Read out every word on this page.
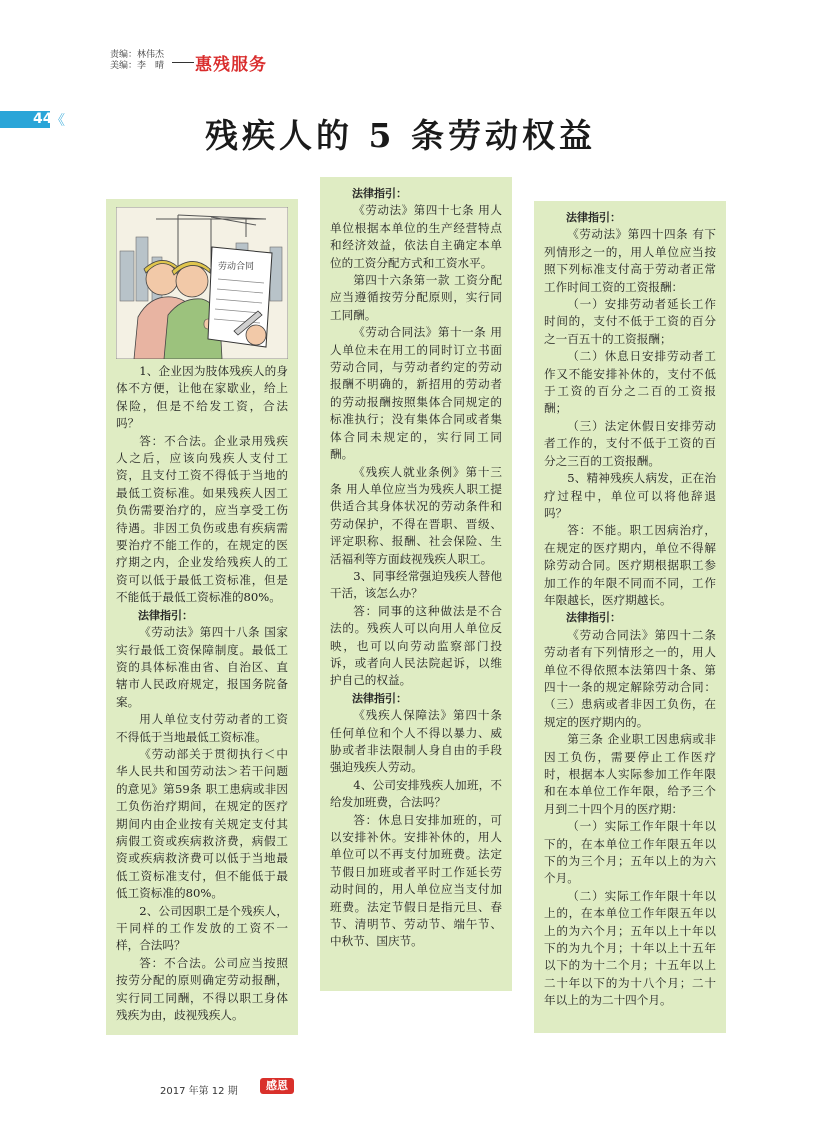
责编：林伟杰
美编：李　晴 惠残服务
44
《	残疾人的 5 条劳动权益
劳动合同

1、企业因为肢体残疾人的身体不方便，让他在家歇业，给上保险，但是不给发工资，合法吗？

答：不合法。企业录用残疾人之后，应该向残疾人支付工资，且支付工资不得低于当地的最低工资标准。如果残疾人因工负伤需要治疗的，应当享受工伤待遇。非因工负伤或患有疾病需要治疗不能工作的，在规定的医疗期之内，企业发给残疾人的工资可以低于最低工资标准，但是不能低于最低工资标准的80%。

法律指引：

《劳动法》第四十八条 国家实行最低工资保障制度。最低工资的具体标准由省、自治区、直辖市人民政府规定，报国务院备案。

用人单位支付劳动者的工资不得低于当地最低工资标准。

《劳动部关于贯彻执行＜中华人民共和国劳动法＞若干问题的意见》第59条 职工患病或非因工负伤治疗期间，在规定的医疗期间内由企业按有关规定支付其病假工资或疾病救济费，病假工资或疾病救济费可以低于当地最低工资标准支付，但不能低于最低工资标准的80%。

2、公司因职工是个残疾人，干同样的工作发放的工资不一样，合法吗？

答：不合法。公司应当按照按劳分配的原则确定劳动报酬，实行同工同酬，不得以职工身体残疾为由，歧视残疾人。

法律指引：

《劳动法》第四十七条 用人单位根据本单位的生产经营特点和经济效益，依法自主确定本单位的工资分配方式和工资水平。

第四十六条第一款 工资分配应当遵循按劳分配原则，实行同工同酬。

《劳动合同法》第十一条 用人单位未在用工的同时订立书面劳动合同，与劳动者约定的劳动报酬不明确的，新招用的劳动者的劳动报酬按照集体合同规定的标准执行；没有集体合同或者集体合同未规定的，实行同工同酬。

《残疾人就业条例》第十三条 用人单位应当为残疾人职工提供适合其身体状况的劳动条件和劳动保护，不得在晋职、晋级、评定职称、报酬、社会保险、生活福利等方面歧视残疾人职工。

3、同事经常强迫残疾人替他干活，该怎么办？

答：同事的这种做法是不合法的。残疾人可以向用人单位反映，也可以向劳动监察部门投诉，或者向人民法院起诉，以维护自己的权益。

法律指引：

《残疾人保障法》第四十条 任何单位和个人不得以暴力、威胁或者非法限制人身自由的手段强迫残疾人劳动。

4、公司安排残疾人加班，不给发加班费，合法吗？

答：休息日安排加班的，可以安排补休。安排补休的，用人单位可以不再支付加班费。法定节假日加班或者平时工作延长劳动时间的，用人单位应当支付加班费。法定节假日是指元旦、春节、清明节、劳动节、端午节、中秋节、国庆节。

法律指引：

《劳动法》第四十四条 有下列情形之一的，用人单位应当按照下列标准支付高于劳动者正常工作时间工资的工资报酬：

（一）安排劳动者延长工作时间的，支付不低于工资的百分之一百五十的工资报酬；

（二）休息日安排劳动者工作又不能安排补休的，支付不低于工资的百分之二百的工资报酬；

（三）法定休假日安排劳动者工作的，支付不低于工资的百分之三百的工资报酬。

5、精神残疾人病发，正在治疗过程中，单位可以将他辞退吗？

答：不能。职工因病治疗，在规定的医疗期内，单位不得解除劳动合同。医疗期根据职工参加工作的年限不同而不同，工作年限越长，医疗期越长。

法律指引：

《劳动合同法》第四十二条 劳动者有下列情形之一的，用人单位不得依照本法第四十条、第四十一条的规定解除劳动合同：（三）患病或者非因工负伤，在规定的医疗期内的。

第三条 企业职工因患病或非因工负伤，需要停止工作医疗时，根据本人实际参加工作年限和在本单位工作年限，给予三个月到二十四个月的医疗期：

（一）实际工作年限十年以下的，在本单位工作年限五年以下的为三个月；五年以上的为六个月。

（二）实际工作年限十年以上的，在本单位工作年限五年以上的为六个月；五年以上十年以下的为九个月；十年以上十五年以下的为十二个月；十五年以上二十年以下的为十八个月；二十年以上的为二十四个月。

2017 年第 12 期	感恩
